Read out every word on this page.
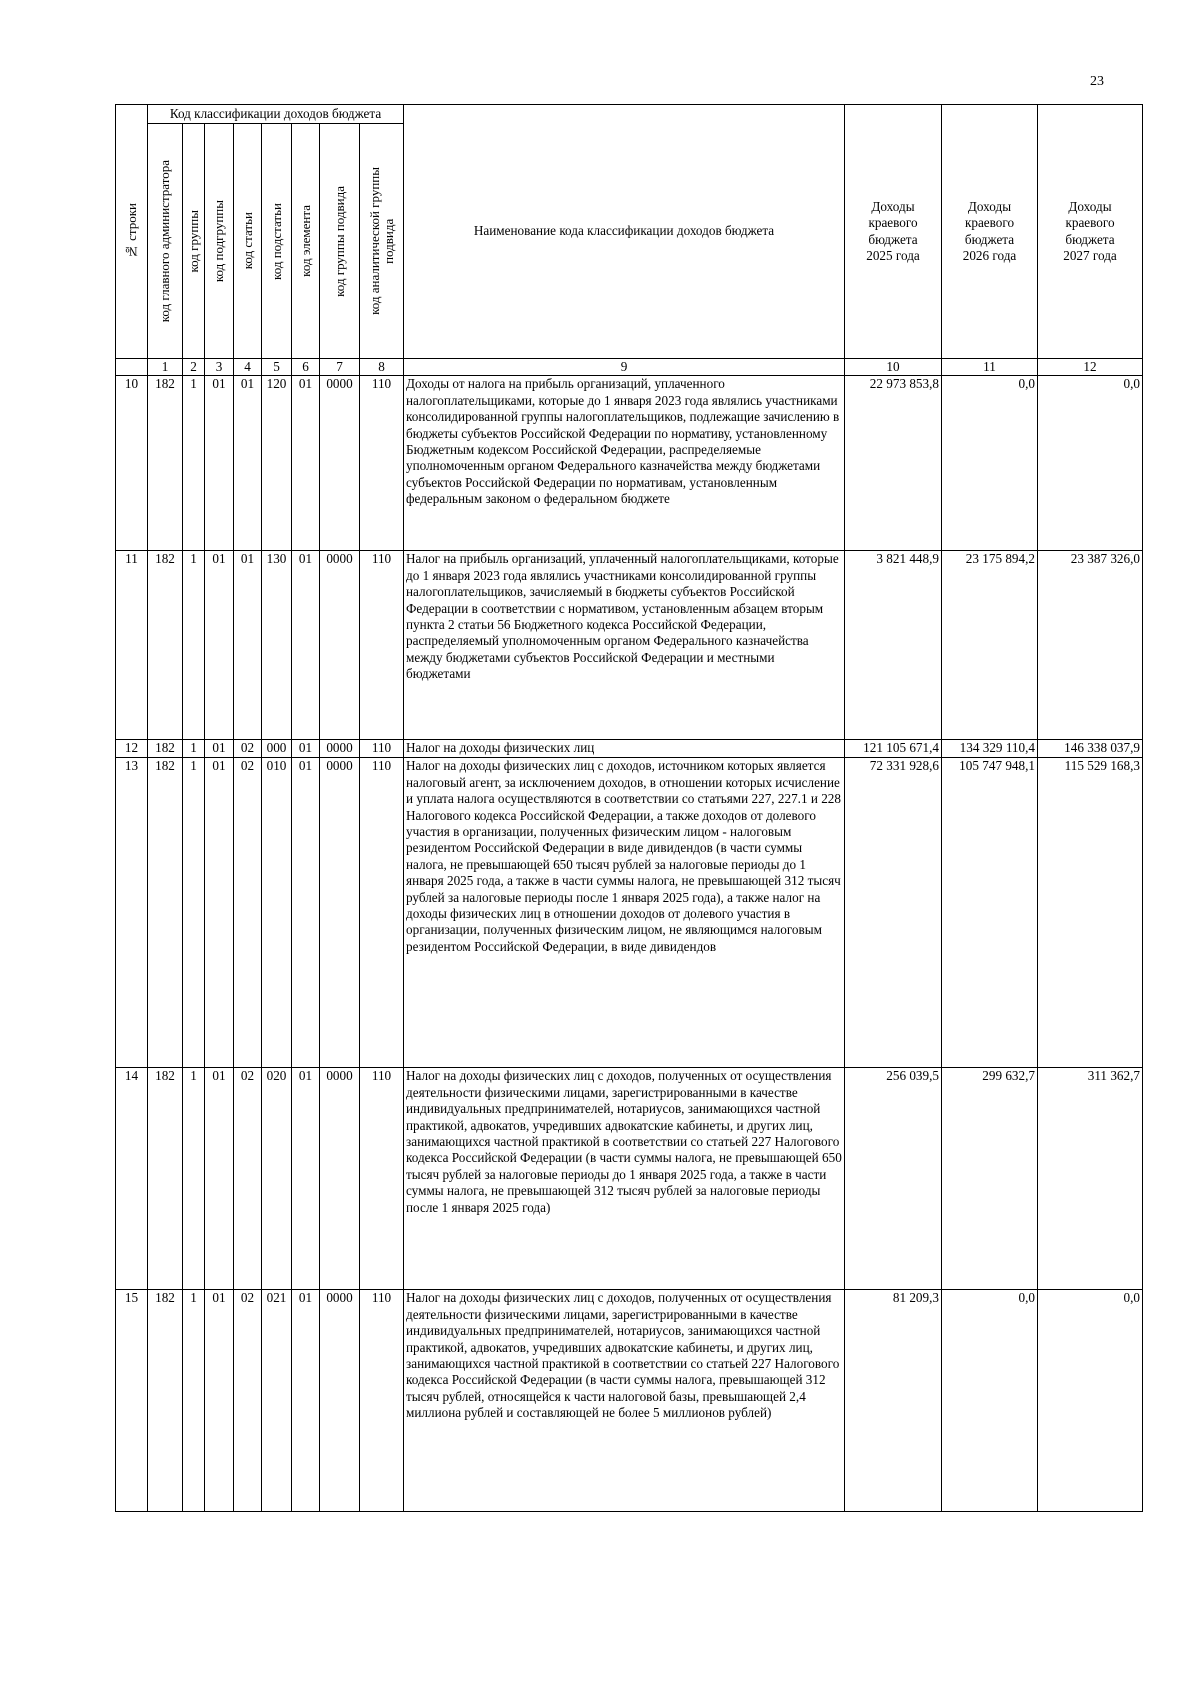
23
№ строки	Код классификации доходов бюджета								Наименование кода классификации доходов бюджета	Доходы
краевого
бюджета
2025 года	Доходы
краевого
бюджета
2026 года	Доходы
краевого
бюджета
2027 года

	код главного администратора	код группы	код подгруппы	код статьи	код подстатьи	код элемента	код группы подвида	код аналитической группы
подвида				

	1	2	3	4	5	6	7	8	9	10	11	12
10	182	1	01	01	120	01	0000	110	Доходы от налога на прибыль организаций, уплаченного налогоплательщиками, которые до 1 января 2023 года являлись участниками консолидированной группы налогоплательщиков, подлежащие зачислению в бюджеты субъектов Российской Федерации по нормативу, установленному Бюджетным кодексом Российской Федерации, распределяемые уполномоченным органом Федерального казначейства между бюджетами субъектов Российской Федерации по нормативам, установленным федеральным законом о федеральном бюджете	22 973 853,8	0,0	0,0
11	182	1	01	01	130	01	0000	110	Налог на прибыль организаций, уплаченный налогоплательщиками, которые до 1 января 2023 года являлись участниками консолидированной группы налогоплательщиков, зачисляемый в бюджеты субъектов Российской Федерации в соответствии с нормативом, установленным абзацем вторым пункта 2 статьи 56 Бюджетного кодекса Российской Федерации, распределяемый уполномоченным органом Федерального казначейства между бюджетами субъектов Российской Федерации и местными бюджетами	3 821 448,9	23 175 894,2	23 387 326,0
12	182	1	01	02	000	01	0000	110	Налог на доходы физических лиц	121 105 671,4	134 329 110,4	146 338 037,9
13	182	1	01	02	010	01	0000	110	Налог на доходы физических лиц с доходов, источником которых является налоговый агент, за исключением доходов, в отношении которых исчисление и уплата налога осуществляются в соответствии со статьями 227, 227.1 и 228 Налогового кодекса Российской Федерации, а также доходов от долевого участия в организации, полученных физическим лицом - налоговым резидентом Российской Федерации в виде дивидендов (в части суммы налога, не превышающей 650 тысяч рублей за налоговые периоды до 1 января 2025 года, а также в части суммы налога, не превышающей 312 тысяч рублей за налоговые периоды после 1 января 2025 года), а также налог на доходы физических лиц в отношении доходов от долевого участия в организации, полученных физическим лицом, не являющимся налоговым резидентом Российской Федерации, в виде дивидендов	72 331 928,6	105 747 948,1	115 529 168,3
14	182	1	01	02	020	01	0000	110	Налог на доходы физических лиц с доходов, полученных от осуществления деятельности физическими лицами, зарегистрированными в качестве индивидуальных предпринимателей, нотариусов, занимающихся частной практикой, адвокатов, учредивших адвокатские кабинеты, и других лиц, занимающихся частной практикой в соответствии со статьей 227 Налогового кодекса Российской Федерации (в части суммы налога, не превышающей 650 тысяч рублей за налоговые периоды до 1 января 2025 года, а также в части суммы налога, не превышающей 312 тысяч рублей за налоговые периоды после 1 января 2025 года)	256 039,5	299 632,7	311 362,7
15	182	1	01	02	021	01	0000	110	Налог на доходы физических лиц с доходов, полученных от осуществления деятельности физическими лицами, зарегистрированными в качестве индивидуальных предпринимателей, нотариусов, занимающихся частной практикой, адвокатов, учредивших адвокатские кабинеты, и других лиц, занимающихся частной практикой в соответствии со статьей 227 Налогового кодекса Российской Федерации (в части суммы налога, превышающей 312 тысяч рублей, относящейся к части налоговой базы, превышающей 2,4 миллиона рублей и составляющей не более 5 миллионов рублей)	81 209,3	0,0	0,0
